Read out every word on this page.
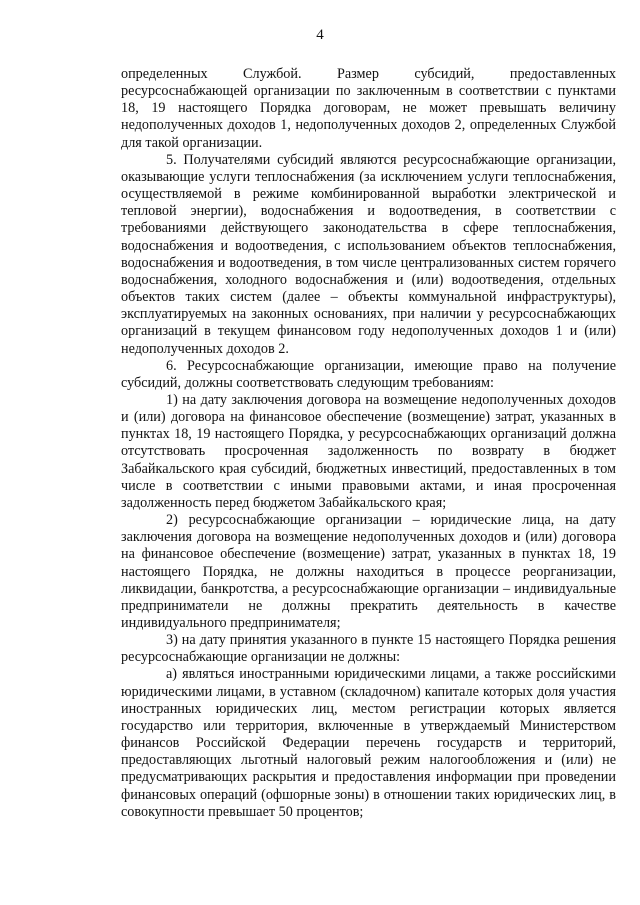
4

определенных Службой. Размер субсидий, предоставленных ресурсоснабжающей организации по заключенным в соответствии с пунктами 18, 19 настоящего Порядка договорам, не может превышать величину недополученных доходов 1, недополученных доходов 2, определенных Службой для такой организации.

5. Получателями субсидий являются ресурсоснабжающие организации, оказывающие услуги теплоснабжения (за исключением услуги теплоснабжения, осуществляемой в режиме комбинированной выработки электрической и тепловой энергии), водоснабжения и водоотведения, в соответствии с требованиями действующего законодательства в сфере теплоснабжения, водоснабжения и водоотведения, с использованием объектов теплоснабжения, водоснабжения и водоотведения, в том числе централизованных систем горячего водоснабжения, холодного водоснабжения и (или) водоотведения, отдельных объектов таких систем (далее – объекты коммунальной инфраструктуры), эксплуатируемых на законных основаниях, при наличии у ресурсоснабжающих организаций в текущем финансовом году недополученных доходов 1 и (или) недополученных доходов 2.

6. Ресурсоснабжающие организации, имеющие право на получение субсидий, должны соответствовать следующим требованиям:

1) на дату заключения договора на возмещение недополученных доходов и (или) договора на финансовое обеспечение (возмещение) затрат, указанных в пунктах 18, 19 настоящего Порядка, у ресурсоснабжающих организаций должна отсутствовать просроченная задолженность по возврату в бюджет Забайкальского края субсидий, бюджетных инвестиций, предоставленных в том числе в соответствии с иными правовыми актами, и иная просроченная задолженность перед бюджетом Забайкальского края;

2) ресурсоснабжающие организации – юридические лица, на дату заключения договора на возмещение недополученных доходов и (или) договора на финансовое обеспечение (возмещение) затрат, указанных в пунктах 18, 19 настоящего Порядка, не должны находиться в процессе реорганизации, ликвидации, банкротства, а ресурсоснабжающие организации – индивидуальные предприниматели не должны прекратить деятельность в качестве индивидуального предпринимателя;

3) на дату принятия указанного в пункте 15 настоящего Порядка решения ресурсоснабжающие организации не должны:

а) являться иностранными юридическими лицами, а также российскими юридическими лицами, в уставном (складочном) капитале которых доля участия иностранных юридических лиц, местом регистрации которых является государство или территория, включенные в утверждаемый Министерством финансов Российской Федерации перечень государств и территорий, предоставляющих льготный налоговый режим налогообложения и (или) не предусматривающих раскрытия и предоставления информации при проведении финансовых операций (офшорные зоны) в отношении таких юридических лиц, в совокупности превышает 50 процентов;
